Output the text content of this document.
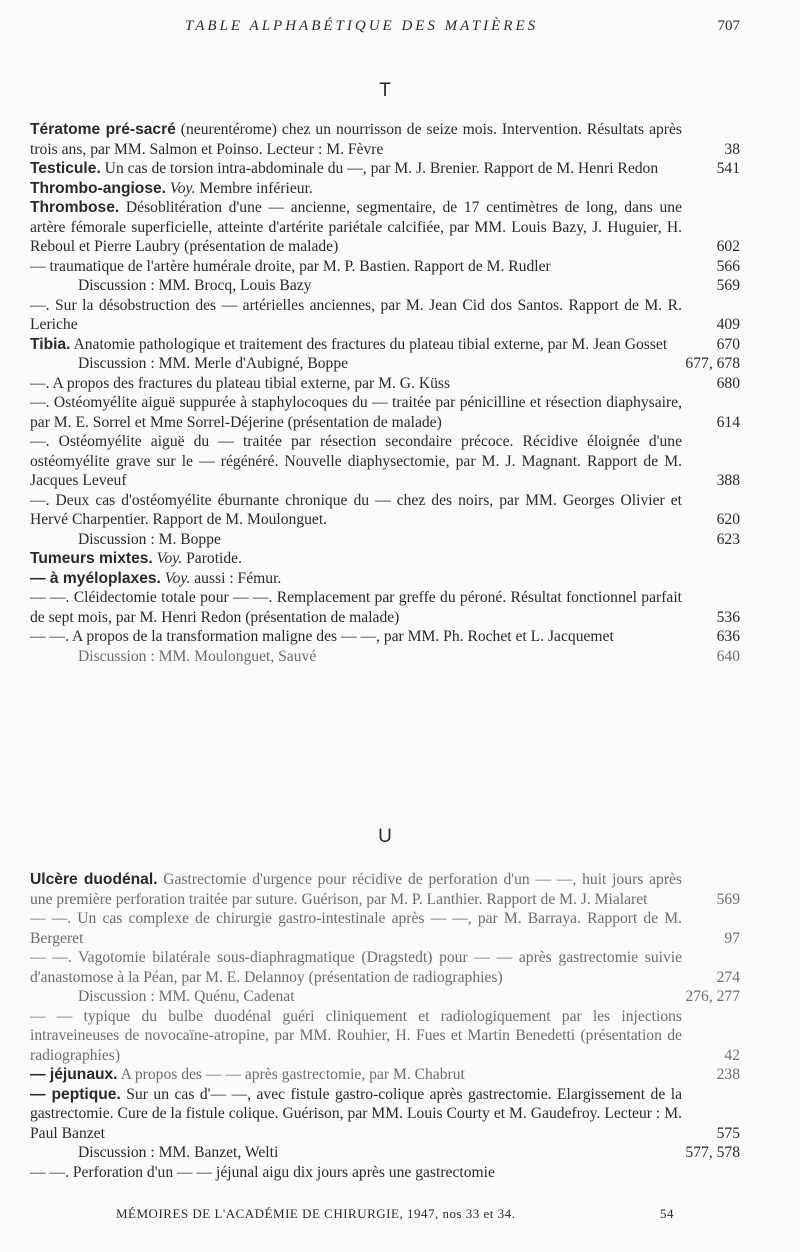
TABLE ALPHABÉTIQUE DES MATIÈRES	707
T
Tératome pré-sacré (neurentérome) chez un nourrisson de seize mois. Intervention. Résultats après trois ans, par MM. Salmon et Poinso. Lecteur : M. Fèvre	38
Testicule. Un cas de torsion intra-abdominale du —, par M. J. Brenier. Rapport de M. Henri Redon	541
Thrombo-angiose. Voy. Membre inférieur.
Thrombose. Désoblitération d'une — ancienne, segmentaire, de 17 centimètres de long, dans une artère fémorale superficielle, atteinte d'artérite pariétale calcifiée, par MM. Louis Bazy, J. Huguier, H. Reboul et Pierre Laubry (présentation de malade)	602
— traumatique de l'artère humérale droite, par M. P. Bastien. Rapport de M. Rudler	566
Discussion : MM. Brocq, Louis Bazy	569
—. Sur la désobstruction des — artérielles anciennes, par M. Jean Cid dos Santos. Rapport de M. R. Leriche	409
Tibia. Anatomie pathologique et traitement des fractures du plateau tibial externe, par M. Jean Gosset	670
Discussion : MM. Merle d'Aubigné, Boppe	677, 678
—. A propos des fractures du plateau tibial externe, par M. G. Küss	680
—. Ostéomyélite aiguë suppurée à staphylocoques du — traitée par pénicilline et résection diaphysaire, par M. E. Sorrel et Mme Sorrel-Déjerine (présentation de malade)	614
—. Ostéomyélite aiguë du — traitée par résection secondaire précoce. Récidive éloignée d'une ostéomyélite grave sur le — régénéré. Nouvelle diaphysectomie, par M. J. Magnant. Rapport de M. Jacques Leveuf	388
—. Deux cas d'ostéomyélite éburnante chronique du — chez des noirs, par MM. Georges Olivier et Hervé Charpentier. Rapport de M. Moulonguet.	620
Discussion : M. Boppe	623
Tumeurs mixtes. Voy. Parotide.
— à myéloplaxes. Voy. aussi : Fémur.
— —. Cléidectomie totale pour — —. Remplacement par greffe du péroné. Résultat fonctionnel parfait de sept mois, par M. Henri Redon (présentation de malade)	536
— —. A propos de la transformation maligne des — —, par MM. Ph. Rochet et L. Jacquemet	636
Discussion : MM. Moulonguet, Sauvé	640
U
Ulcère duodénal. Gastrectomie d'urgence pour récidive de perforation d'un — —, huit jours après une première perforation traitée par suture. Guérison, par M. P. Lanthier. Rapport de M. J. Mialaret	569
— —. Un cas complexe de chirurgie gastro-intestinale après — —, par M. Barraya. Rapport de M. Bergeret	97
— —. Vagotomie bilatérale sous-diaphragmatique (Dragstedt) pour — — après gastrectomie suivie d'anastomose à la Péan, par M. E. Delannoy (présentation de radiographies)	274
Discussion : MM. Quénu, Cadenat	276, 277
— — typique du bulbe duodénal guéri cliniquement et radiologiquement par les injections intraveineuses de novocaïne-atropine, par MM. Rouhier, H. Fues et Martin Benedetti (présentation de radiographies)	42
— jéjunaux. A propos des — — après gastrectomie, par M. Chabrut	238
— peptique. Sur un cas d'— —, avec fistule gastro-colique après gastrectomie. Elargissement de la gastrectomie. Cure de la fistule colique. Guérison, par MM. Louis Courty et M. Gaudefroy. Lecteur : M. Paul Banzet	575
Discussion : MM. Banzet, Welti	577, 578
— —. Perforation d'un — — jéjunal aigu dix jours après une gastrectomie
MÉMOIRES DE L'ACADÉMIE DE CHIRURGIE, 1947, nos 33 et 34.	54
